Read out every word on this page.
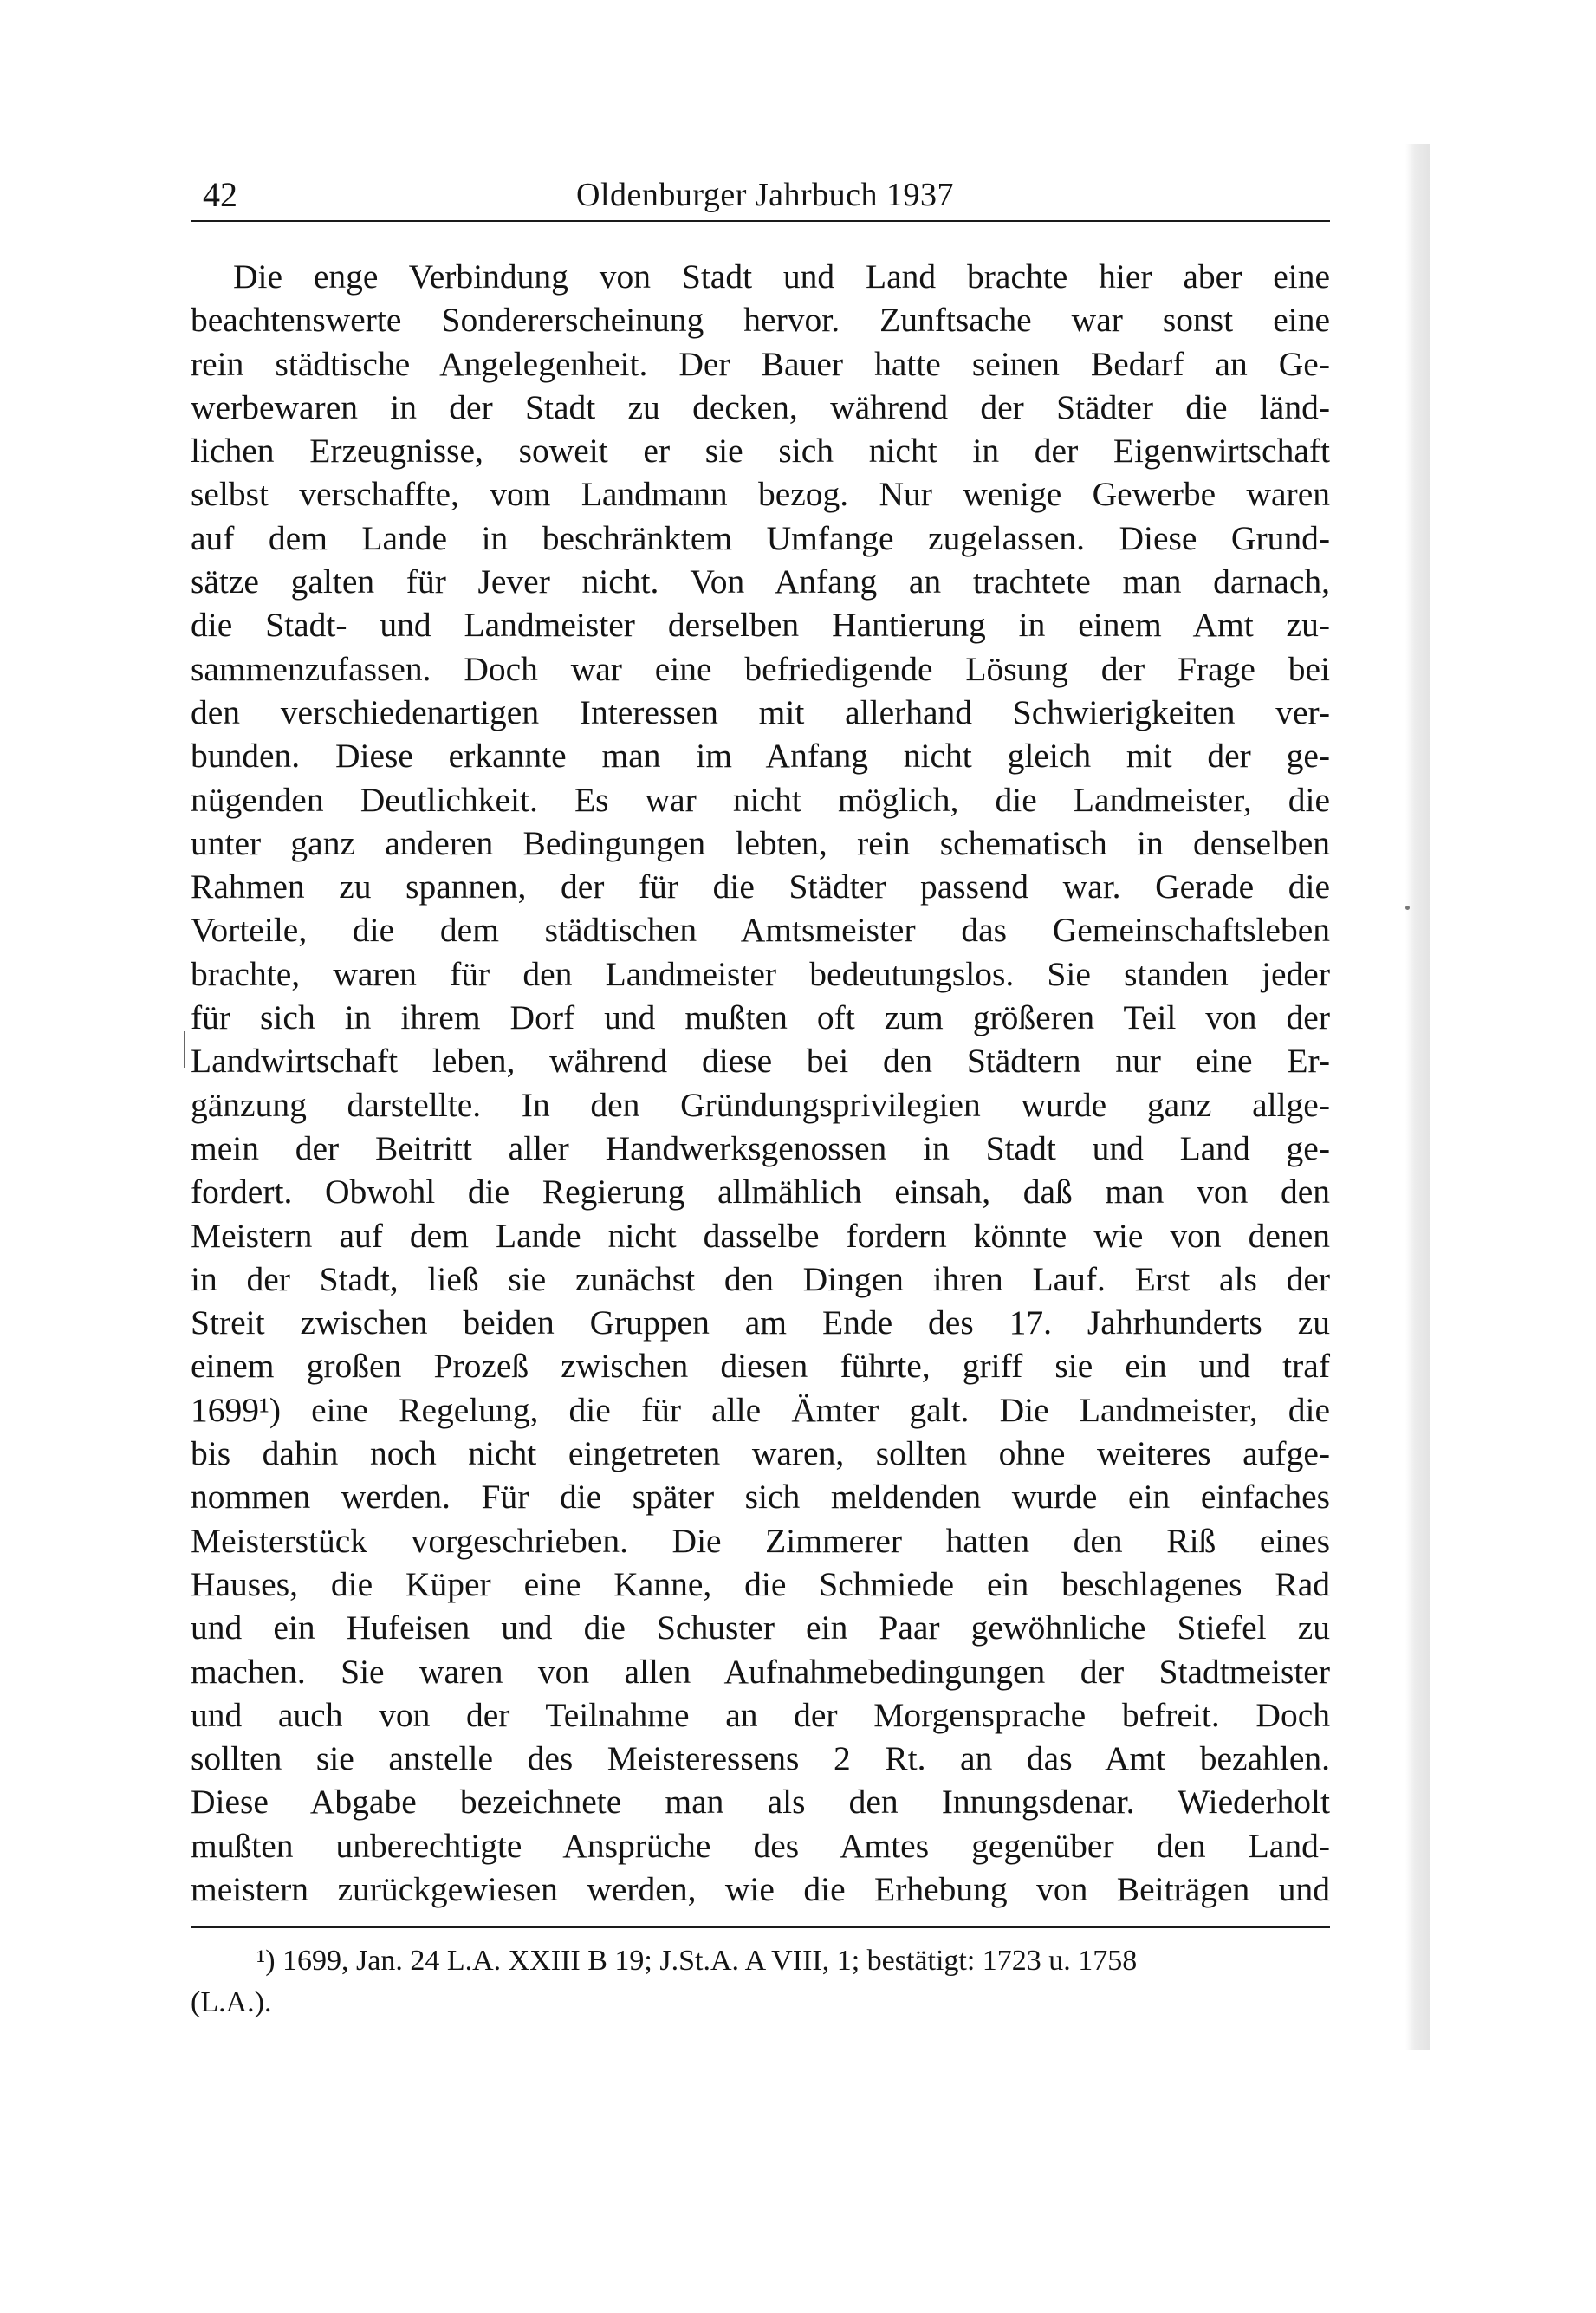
42	Oldenburger Jahrbuch 1937
Die enge Verbindung von Stadt und Land brachte hier aber eine
beachtenswerte Sondererscheinung hervor. Zunftsache war sonst eine
rein städtische Angelegenheit. Der Bauer hatte seinen Bedarf an Ge-
werbewaren in der Stadt zu decken, während der Städter die länd-
lichen Erzeugnisse, soweit er sie sich nicht in der Eigenwirtschaft
selbst verschaffte, vom Landmann bezog. Nur wenige Gewerbe waren
auf dem Lande in beschränktem Umfange zugelassen. Diese Grund-
sätze galten für Jever nicht. Von Anfang an trachtete man darnach,
die Stadt- und Landmeister derselben Hantierung in einem Amt zu-
sammenzufassen. Doch war eine befriedigende Lösung der Frage bei
den verschiedenartigen Interessen mit allerhand Schwierigkeiten ver-
bunden. Diese erkannte man im Anfang nicht gleich mit der ge-
nügenden Deutlichkeit. Es war nicht möglich, die Landmeister, die
unter ganz anderen Bedingungen lebten, rein schematisch in denselben
Rahmen zu spannen, der für die Städter passend war. Gerade die
Vorteile, die dem städtischen Amtsmeister das Gemeinschaftsleben
brachte, waren für den Landmeister bedeutungslos. Sie standen jeder
für sich in ihrem Dorf und mußten oft zum größeren Teil von der
Landwirtschaft leben, während diese bei den Städtern nur eine Er-
gänzung darstellte. In den Gründungsprivilegien wurde ganz allge-
mein der Beitritt aller Handwerksgenossen in Stadt und Land ge-
fordert. Obwohl die Regierung allmählich einsah, daß man von den
Meistern auf dem Lande nicht dasselbe fordern könnte wie von denen
in der Stadt, ließ sie zunächst den Dingen ihren Lauf. Erst als der
Streit zwischen beiden Gruppen am Ende des 17. Jahrhunderts zu
einem großen Prozeß zwischen diesen führte, griff sie ein und traf
1699¹) eine Regelung, die für alle Ämter galt. Die Landmeister, die
bis dahin noch nicht eingetreten waren, sollten ohne weiteres aufge-
nommen werden. Für die später sich meldenden wurde ein einfaches
Meisterstück vorgeschrieben. Die Zimmerer hatten den Riß eines
Hauses, die Küper eine Kanne, die Schmiede ein beschlagenes Rad
und ein Hufeisen und die Schuster ein Paar gewöhnliche Stiefel zu
machen. Sie waren von allen Aufnahmebedingungen der Stadtmeister
und auch von der Teilnahme an der Morgensprache befreit. Doch
sollten sie anstelle des Meisteressens 2 Rt. an das Amt bezahlen.
Diese Abgabe bezeichnete man als den Innungsdenar. Wiederholt
mußten unberechtigte Ansprüche des Amtes gegenüber den Land-
meistern zurückgewiesen werden, wie die Erhebung von Beiträgen und
¹) 1699, Jan. 24 L.A. XXIII B 19; J.St.A. A VIII, 1; bestätigt: 1723 u. 1758
(L.A.).
